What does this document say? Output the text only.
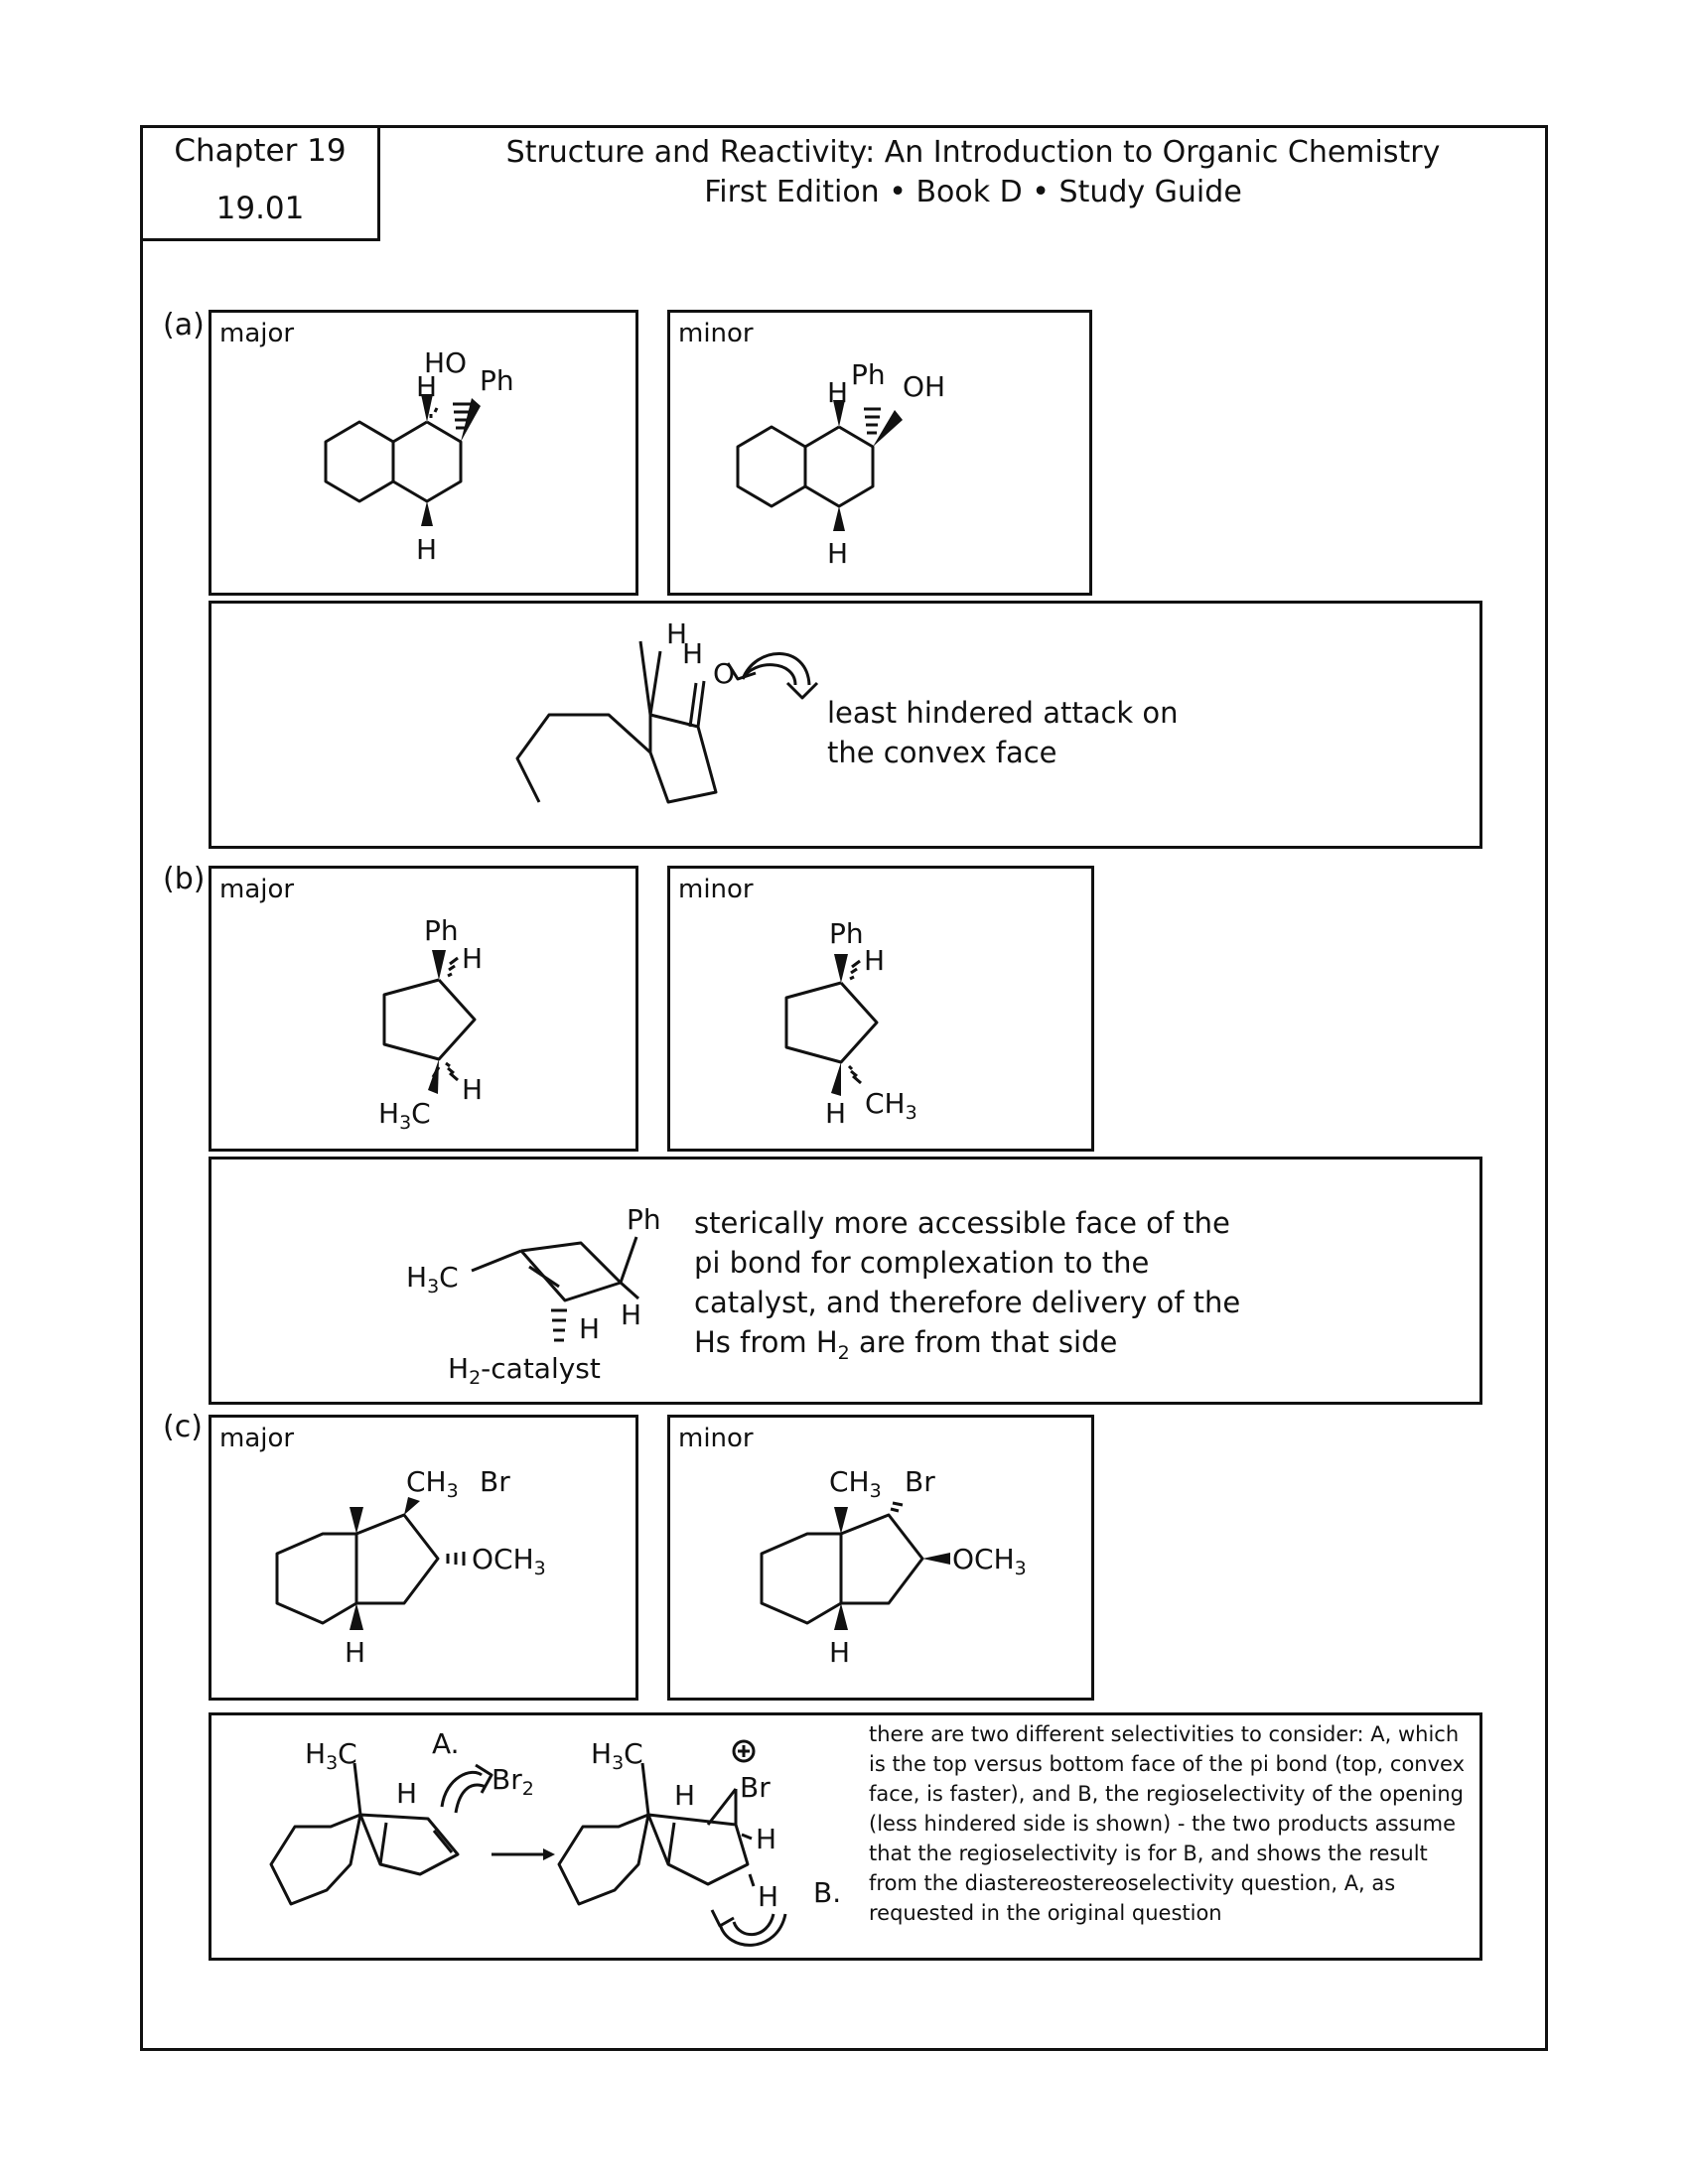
Chapter 19
19.01
Structure and Reactivity: An Introduction to Organic Chemistry
First Edition • Book D • Study Guide
(a) major
HO
Ph
H
H
minor
Ph OH
H
H
H
H
O
least hindered attack on the convex face
(b) major
Ph
H
H
$H_3C$
minor
Ph
H
H $CH_3$
Ph
$H_3C$
H
H
$H_2$-catalyst
sterically more accessible face of the pi bond for complexation to the catalyst, and therefore delivery of the Hs from $H_2$ are from that side
(c) major
$CH_3$ Br
$OCH_3$
H
minor
$CH_3$ Br
$OCH_3$
H
$H_3C$	A.
$Br_2$
H
$H_3C$
H Br
H
H B.
there are two different selectivities to consider: A, which is the top versus bottom face of the pi bond (top, convex face, is faster), and B, the regioselectivity of the opening (less hindered side is shown) - the two products assume that the regioselectivity is for B, and shows the result from the diastereostereoselectivity question, A, as requested in the original question
